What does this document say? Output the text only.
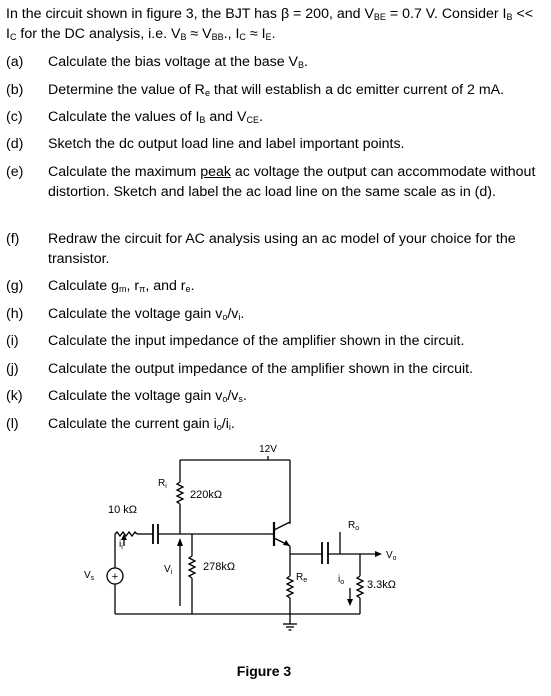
In the circuit shown in figure 3, the BJT has β = 200, and $V_{BE} = 0.7$ V. Consider $I_B$ <<
$I_C$ for the DC analysis, i.e. $V_B \approx V_{BB}$., $I_C \approx I_E$.
(a) Calculate the bias voltage at the base $V_B$.
(b) Determine the value of $R_e$ that will establish a dc emitter current of 2 mA.
(c) Calculate the values of $I_B$ and $V_{CE}$.
(d) Sketch the dc output load line and label important points.
(e) Calculate the maximum peak ac voltage the output can accommodate without distortion. Sketch and label the ac load line on the same scale as in (d).
(f) Redraw the circuit for AC analysis using an ac model of your choice for the transistor.
(g) Calculate $g_m$, $r_\pi$, and $r_e$.
(h) Calculate the voltage gain $v_o/v_i$.
(i) Calculate the input impedance of the amplifier shown in the circuit.
(j) Calculate the output impedance of the amplifier shown in the circuit.
(k) Calculate the voltage gain $v_o/v_s$.
(l) Calculate the current gain $i_o/i_i$.
12V
10 kΩ
$R_i$
220kΩ
278kΩ
$V_i$
$i_i$
$V_s$ +	$R_e$
$R_o$
$V_o$
$i_o$ 3.3kΩ
Figure 3
